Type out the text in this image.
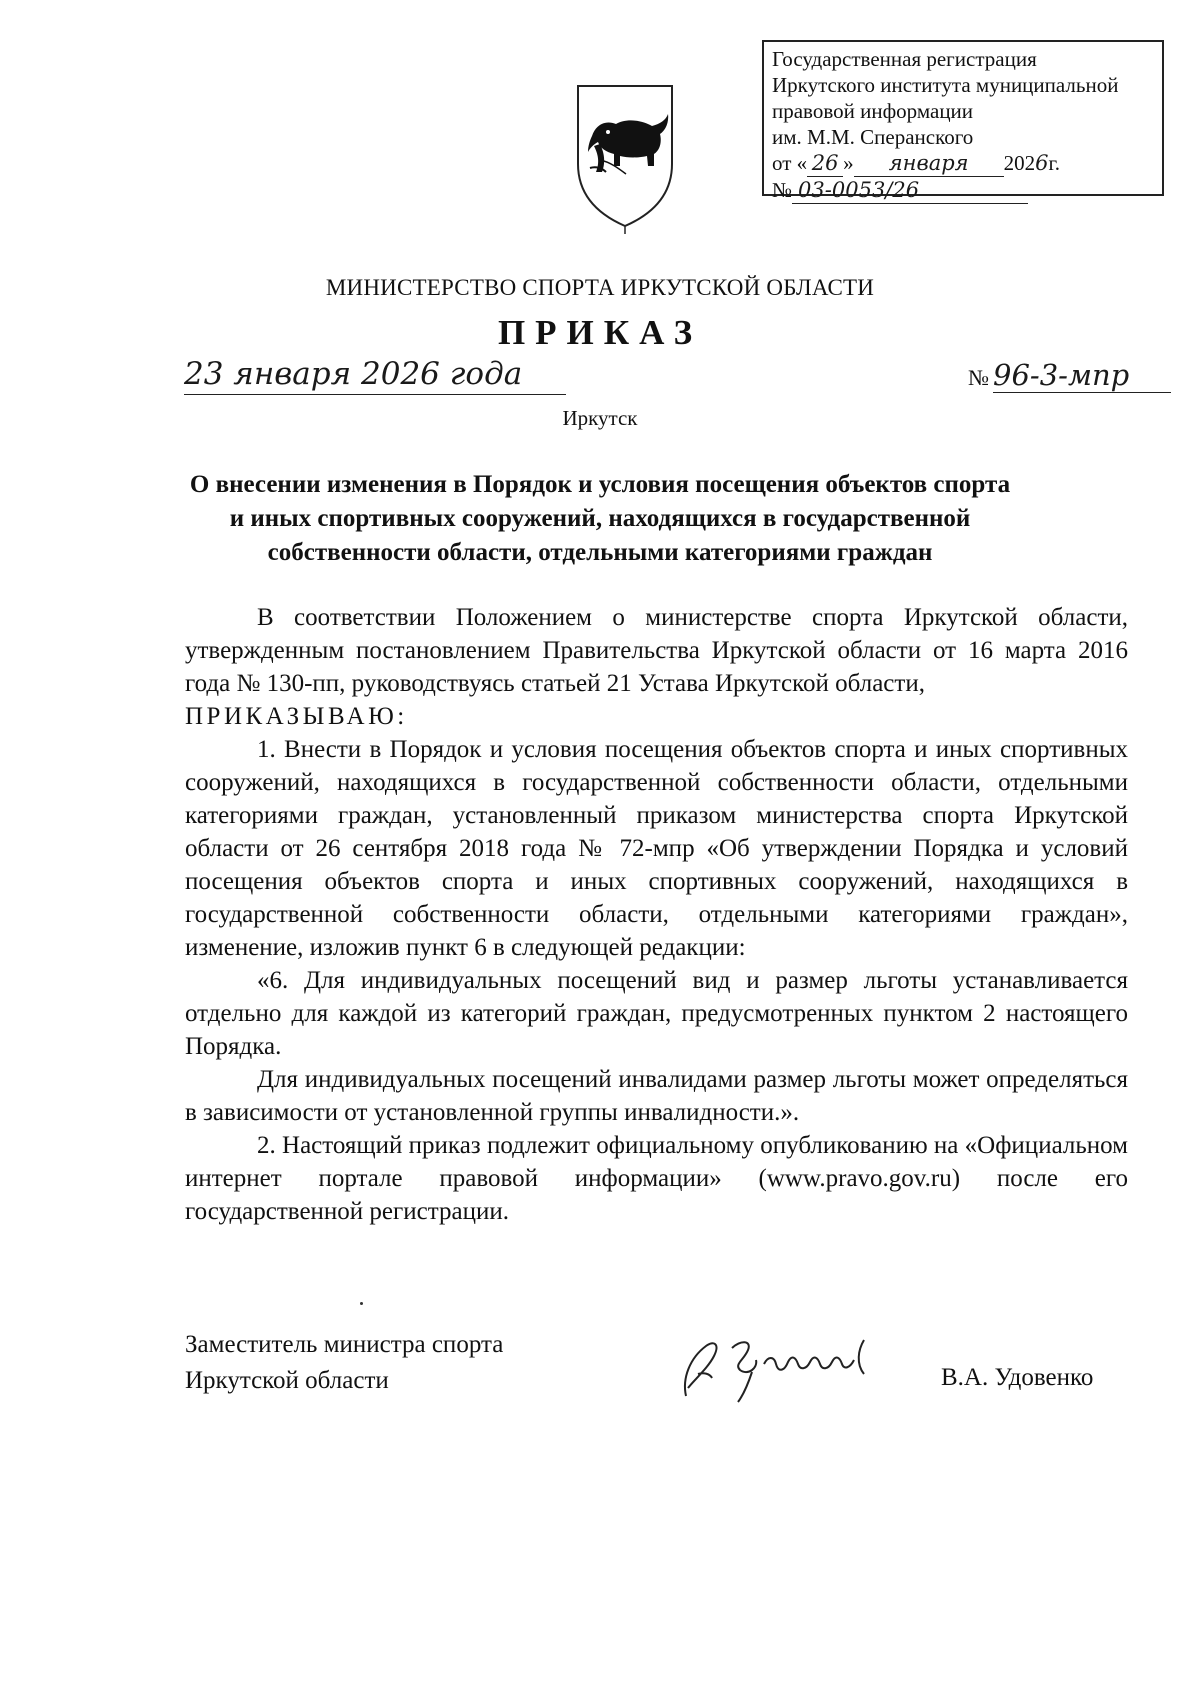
Государственная регистрация
Иркутского института муниципальной
правовой информации
им. М.М. Сперанского
от « 26 » января 2026г.
№ 03-0053/26
МИНИСТЕРСТВО СПОРТА ИРКУТСКОЙ ОБЛАСТИ
ПРИКАЗ
23 января 2026 года	№ 96-3-мпр
Иркутск
О внесении изменения в Порядок и условия посещения объектов спорта и иных спортивных сооружений, находящихся в государственной собственности области, отдельными категориями граждан

В соответствии Положением о министерстве спорта Иркутской области, утвержденным постановлением Правительства Иркутской области от 16 марта 2016 года № 130-пп, руководствуясь статьей 21 Устава Иркутской области,

ПРИКАЗЫВАЮ:

1. Внести в Порядок и условия посещения объектов спорта и иных спортивных сооружений, находящихся в государственной собственности области, отдельными категориями граждан, установленный приказом министерства спорта Иркутской области от 26 сентября 2018 года № 72-мпр «Об утверждении Порядка и условий посещения объектов спорта и иных спортивных сооружений, находящихся в государственной собственности области, отдельными категориями граждан», изменение, изложив пункт 6 в следующей редакции:

«6. Для индивидуальных посещений вид и размер льготы устанавливается отдельно для каждой из категорий граждан, предусмотренных пунктом 2 настоящего Порядка.

Для индивидуальных посещений инвалидами размер льготы может определяться в зависимости от установленной группы инвалидности.».

2. Настоящий приказ подлежит официальному опубликованию на «Официальном интернет портале правовой информации» (www.pravo.gov.ru) после его государственной регистрации.

Заместитель министра спорта
Иркутской области	В.А. Удовенко
